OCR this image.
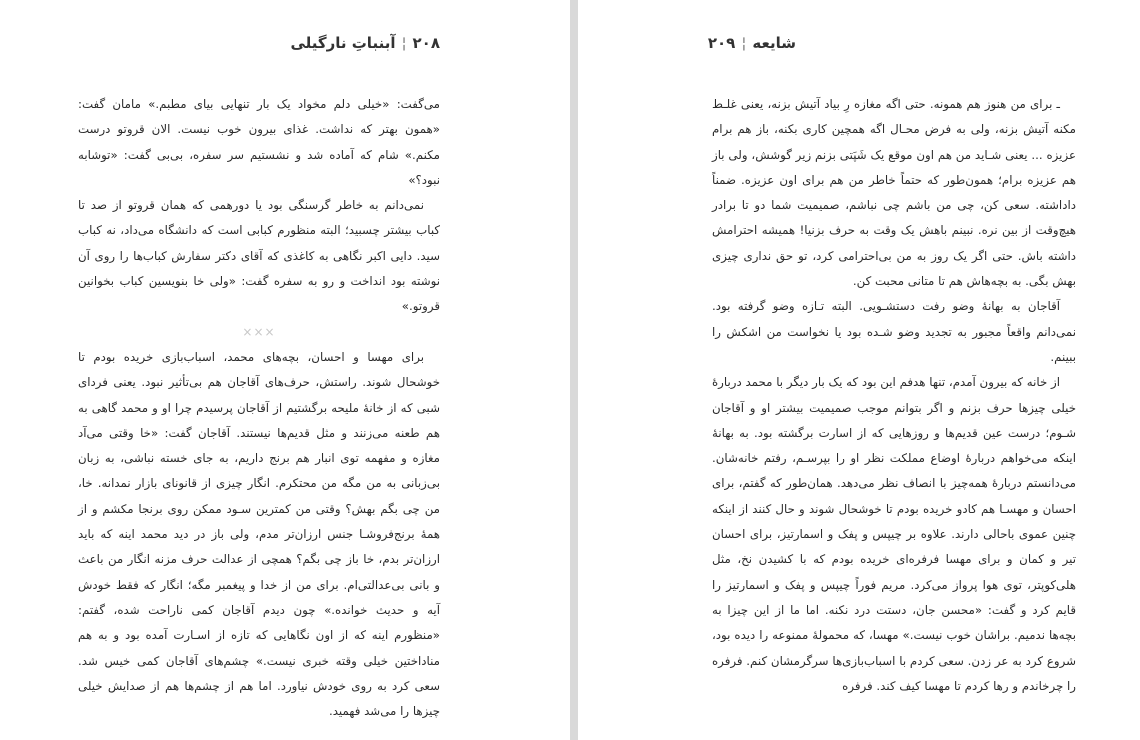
۲۰۸¦آبنباتِ نارگیلی

می‌گفت: «خیلی دلم مخواد یک بار تنهایی بیای مطبم.» مامان گفت: «همون بهتر که نداشت. غذای بیرون خوب نیست. الان قروتو درست مکنم.» شام که آماده شد و نشستیم سر سفره، بی‌بی گفت: «توشابه نبود؟»

نمی‌دانم به خاطر گرسنگی بود یا دورهمی که همان قروتو از صد تا کباب بیشتر چسبید؛ البته منظورم کبابی است که دانشگاه می‌داد، نه کباب سید. دایی اکبر نگاهی به کاغذی که آقای دکتر سفارش کباب‌ها را روی آن نوشته بود انداخت و رو به سفره گفت: «ولی خا بنویسین کباب بخوانین قروتو.»

×××

برای مهسا و احسان، بچه‌های محمد، اسباب‌بازی خریده بودم تا خوشحال شوند. راستش، حرف‌های آقاجان هم بی‌تأثیر نبود. یعنی فردای شبی که از خانهٔ ملیحه برگشتیم از آقاجان پرسیدم چرا او و محمد گاهی به هم طعنه می‌زنند و مثل قدیم‌ها نیستند. آقاجان گفت: «خا وقتی می‌آد مغازه و مفهمه توی انبار هم برنج داریم، به جای خسته نباشی، به زبان بی‌زبانی به من مگه من محتکرم. انگار چیزی از قانونای بازار نمدانه. خا، من چی بگم بهش؟ وقتی من کمترین سـود ممکن روی برنجا مکشم و از همهٔ برنج‌فروشـا جنس ارزان‌تر مدم، ولی باز در دید محمد اینه که باید ارزان‌تر بدم، خا باز چی بگم؟ همچی از عدالت حرف مزنه انگار من باعث و بانی بی‌عدالتی‌ام. برای من از خدا و پیغمبر مگه؛ انگار که فقط خودش آیه و حدیث خوانده.» چون دیدم آقاجان کمی ناراحت شده، گفتم: «منظورم اینه که از اون نگاهایی که تازه از اسـارت آمده بود و به هم مناداختین خیلی وقته خبری نیست.» چشم‌های آقاجان کمی خیس شد. سعی کرد به روی خودش نیاورد. اما هم از چشم‌ها هم از صدایش خیلی چیزها را می‌شد فهمید.

شایعه¦۲۰۹

ـ برای من هنوز هم همونه. حتی اگه مغازه رِ بیاد آتیش بزنه، یعنی غلـط مکنه آتیش بزنه، ولی به فرض محـال اگه همچین کاری بکنه، باز هم برام عزیزه ... یعنی شـاید من هم اون موقع یک شَپَتی بزنم زیر گوشش، ولی باز هم عزیزه برام؛ همون‌طور که حتماً خاطر من هم برای اون عزیزه. ضمناً داداشته. سعی کن، چی من باشم چی نباشم، صمیمیت شما دو تا برادر هیچ‌وقت از بین نره. نبینم باهش یک وقت به حرف بزنیا! همیشه احترامش داشته باش. حتی اگر یک روز به من بی‌احترامی کرد، تو حق نداری چیزی بهش بگی. به بچه‌هاش هم تا متانی محبت کن.

آقاجان به بهانهٔ وضو رفت دستشـویی. البته تـازه وضو گرفته بود. نمی‌دانم واقعاً مجبور به تجدید وضو شـده بود یا نخواست من اشکش را ببینم.

از خانه که بیرون آمدم، تنها هدفم این بود که یک بار دیگر با محمد دربارهٔ خیلی چیزها حرف بزنم و اگر بتوانم موجب صمیمیت بیشتر او و آقاجان شـوم؛ درست عین قدیم‌ها و روزهایی که از اسارت برگشته بود. به بهانهٔ اینکه می‌خواهم دربارهٔ اوضاع مملکت نظر او را بپرسـم، رفتم خانه‌شان. می‌دانستم دربارهٔ همه‌چیز با انصاف نظر می‌دهد. همان‌طور که گفتم، برای احسان و مهسـا هم کادو خریده بودم تا خوشحال شوند و حال کنند از اینکه چنین عموی باحالی دارند. علاوه بر چیپس و پفک و اسمارتیز، برای احسان تیر و کمان و برای مهسا فرفره‌ای خریده بودم که با کشیدن نخ، مثل هلی‌کوپتر، توی هوا پرواز می‌کرد. مریم فوراً چیپس و پفک و اسمارتیز را قایم کرد و گفت: «محسن جان، دستت درد نکنه. اما ما از این چیزا به بچه‌ها ندمیم. براشان خوب نیست.» مهسا، که محمولهٔ ممنوعه را دیده بود، شروع کرد به عر زدن. سعی کردم با اسباب‌بازی‌ها سرگرمشان کنم. فرفره را چرخاندم و رها کردم تا مهسا کیف کند. فرفره
